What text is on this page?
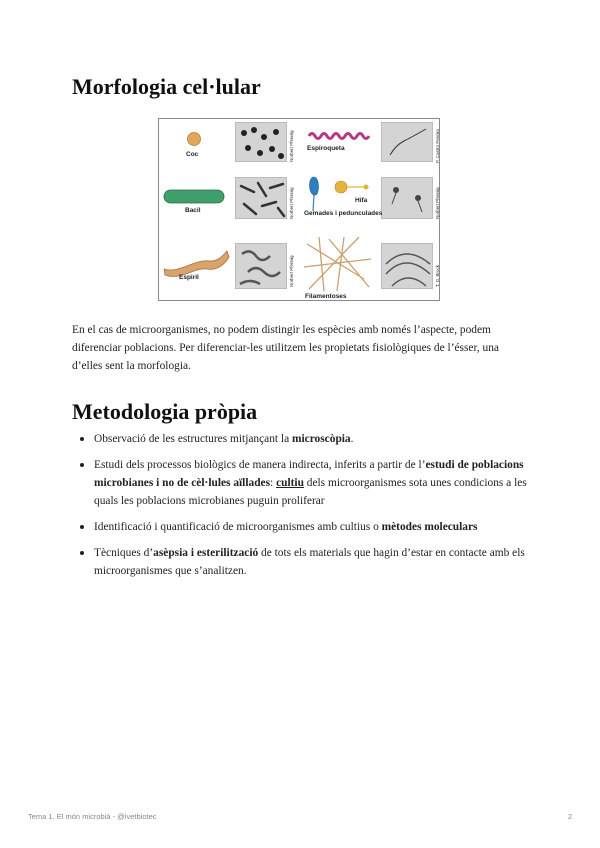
Morfologia cel·lular
Coc
Espiroqueta
Bacil
Hifa
Gemades i pedunculades
Espiril
Filamentoses
Norbert Pfennig	P. Castro Pereira
Norbert Pfennig	Norbert Pfennig
Norbert Pfennig	T. D. Brock

En el cas de microorganismes, no podem distingir les espècies amb només l’aspecte, podem diferenciar poblacions. Per diferenciar-les utilitzem les propietats fisiològiques de l’ésser, una d’elles sent la morfologia.

Metodologia pròpia
Observació de les estructures mitjançant la microscòpia.
Estudi dels processos biològics de manera indirecta, inferits a partir de l’estudi de poblacions microbianes i no de cèl·lules aïllades: cultiu dels microorganismes sota unes condicions a les quals les poblacions microbianes puguin proliferar
Identificació i quantificació de microorganismes amb cultius o mètodes moleculars
Tècniques d’asèpsia i esterilització de tots els materials que hagin d’estar en contacte amb els microorganismes que s’analitzen.
Tema 1. El món microbià - @ivetbiotec	2
